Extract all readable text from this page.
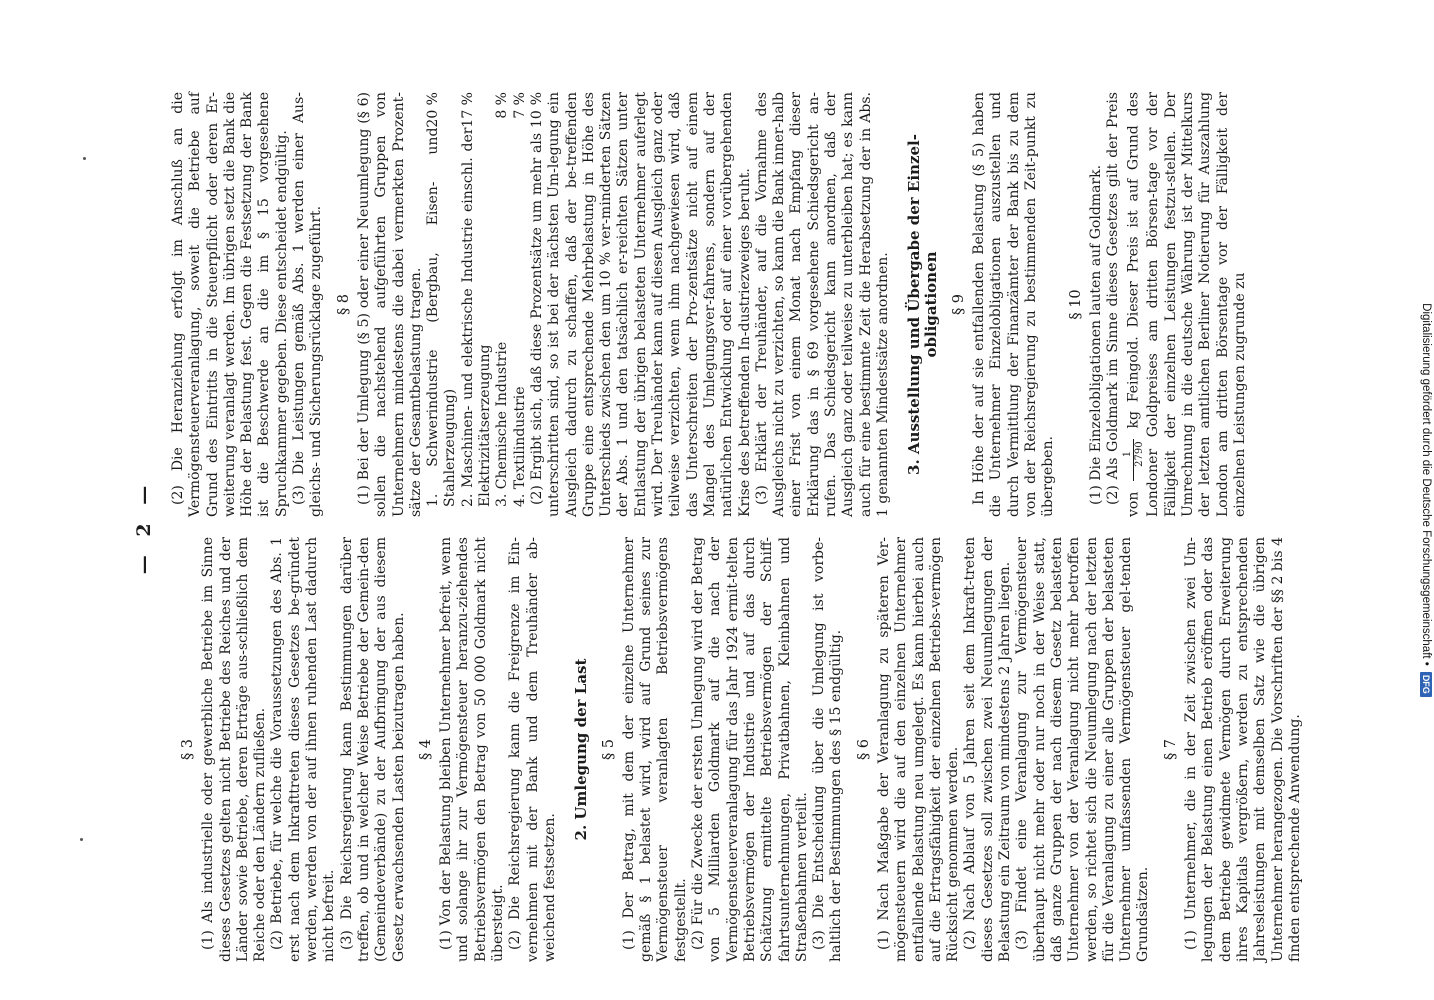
— 2 —
§ 3 (1) Als industrielle oder gewerbliche Betriebe im Sinne dieses Gesetzes gelten nicht Betriebe des Reiches und der Länder sowie Betriebe, deren Erträge aus-schließlich dem Reiche oder den Ländern zufließen. (2) Betriebe, für welche die Voraussetzungen des Abs. 1 erst nach dem Inkrafttreten dieses Gesetzes be-gründet werden, werden von der auf ihnen ruhenden Last dadurch nicht befreit. (3) Die Reichsregierung kann Bestimmungen darüber treffen, ob und in welcher Weise Betriebe der Gemein-den (Gemeindeverbände) zu der Aufbringung der aus diesem Gesetz erwachsenden Lasten beizutragen haben. § 4 (1) Von der Belastung bleiben Unternehmer befreit, wenn und solange ihr zur Vermögensteuer heranzu-ziehendes Betriebsvermögen den Betrag von 50 000 Goldmark nicht übersteigt. (2) Die Reichsregierung kann die Freigrenze im Ein-vernehmen mit der Bank und dem Treuhänder ab-weichend festsetzen.

2. Umlegung der Last § 5 (1) Der Betrag, mit dem der einzelne Unternehmer gemäß § 1 belastet wird, wird auf Grund seines zur Vermögensteuer veranlagten Betriebsvermögens festgestellt. (2) Für die Zwecke der ersten Umlegung wird der Betrag von 5 Milliarden Goldmark auf die nach der Vermögensteuerveranlagung für das Jahr 1924 ermit-telten Betriebsvermögen der Industrie und auf das durch Schätzung ermittelte Betriebsvermögen der Schiff-fahrtsunternehmungen, Privatbahnen, Kleinbahnen und Straßenbahnen verteilt. (3) Die Entscheidung über die Umlegung ist vorbe-haltlich der Bestimmungen des § 15 endgültig. § 6 (1) Nach Maßgabe der Veranlagung zu späteren Ver-mögensteuern wird die auf den einzelnen Unternehmer entfallende Belastung neu umgelegt. Es kann hierbei auch auf die Ertragsfähigkeit der einzelnen Betriebs-vermögen Rücksicht genommen werden. (2) Nach Ablauf von 5 Jahren seit dem Inkraft-treten dieses Gesetzes soll zwischen zwei Neuumlegungen der Belastung ein Zeitraum von mindestens 2 Jahren liegen. (3) Findet eine Veranlagung zur Vermögensteuer überhaupt nicht mehr oder nur noch in der Weise statt, daß ganze Gruppen der nach diesem Gesetz belasteten Unternehmer von der Veranlagung nicht mehr betroffen werden, so richtet sich die Neuumlegung nach der letzten für die Veranlagung zu einer alle Gruppen der belasteten Unternehmer umfassenden Vermögensteuer gel-tenden Grundsätzen.

§ 7 (1) Unternehmer, die in der Zeit zwischen zwei Um-legungen der Belastung einen Betrieb eröffnen oder das dem Betriebe gewidmete Vermögen durch Erweiterung ihres Kapitals vergrößern, werden zu entsprechenden Jahresleistungen mit demselben Satz wie die übrigen Unternehmer herangezogen. Die Vorschriften der §§ 2 bis 4 finden entsprechende Anwendung.

(2) Die Heranziehung erfolgt im Anschluß an die Vermögensteuerveranlagung, soweit die Betriebe auf Grund des Eintritts in die Steuerpflicht oder deren Er-weiterung veranlagt werden. Im übrigen setzt die Bank die Höhe der Belastung fest. Gegen die Festsetzung der Bank ist die Beschwerde an die im § 15 vorgesehene Spruchkammer gegeben. Diese entscheidet endgültig. (3) Die Leistungen gemäß Abs. 1 werden einer Aus-gleichs- und Sicherungsrücklage zugeführt. § 8 (1) Bei der Umlegung (§ 5) oder einer Neuumlegung (§ 6) sollen die nachstehend aufgeführten Gruppen von Unternehmern mindestens die dabei vermerkten Prozent-sätze der Gesamtbelastung tragen. 1. Schwerindustrie (Bergbau, Eisen- und Stahlerzeugung)
20 %
2. Maschinen- und elektrische Industrie einschl. der Elektrizitätserzeugung
17 %
3. Chemische Industrie
8 %
4. Textilindustrie
7 % (2) Ergibt sich, daß diese Prozentsätze um mehr als 10 % unterschritten sind, so ist bei der nächsten Um-legung ein Ausgleich dadurch zu schaffen, daß der be-treffenden Gruppe eine entsprechende Mehrbelastung in Höhe des Unterschieds zwischen den um 10 % ver-minderten Sätzen der Abs. 1 und den tatsächlich er-reichten Sätzen unter Entlastung der übrigen belasteten Unternehmer auferlegt wird. Der Treuhänder kann auf diesen Ausgleich ganz oder teilweise verzichten, wenn ihm nachgewiesen wird, daß das Unterschreiten der Pro-zentsätze nicht auf einem Mangel des Umlegungsver-fahrens, sondern auf der natürlichen Entwicklung oder auf einer vorübergehenden Krise des betreffenden In-dustriezweiges beruht. (3) Erklärt der Treuhänder, auf die Vornahme des Ausgleichs nicht zu verzichten, so kann die Bank inner-halb einer Frist von einem Monat nach Empfang dieser Erklärung das in § 69 vorgesehene Schiedsgericht an-rufen. Das Schiedsgericht kann anordnen, daß der Ausgleich ganz oder teilweise zu unterbleiben hat; es kann auch für eine bestimmte Zeit die Herabsetzung der in Abs. 1 genannten Mindestsätze anordnen. 3. Ausstellung und Übergabe der Einzel-obligationen § 9 In Höhe der auf sie entfallenden Belastung (§ 5) haben die Unternehmer Einzelobligationen auszustellen und durch Vermittlung der Finanzämter der Bank bis zu dem von der Reichsregierung zu bestimmenden Zeit-punkt zu übergeben.

§ 10 (1) Die Einzelobligationen lauten auf Goldmark. (2) Als Goldmark im Sinne dieses Gesetzes gilt der Preis von
1 2790
kg Feingold. Dieser Preis ist auf Grund des Londoner Goldpreises am dritten Börsen-tage vor der Fälligkeit der einzelnen Leistungen festzu-stellen. Der Umrechnung in die deutsche Währung ist der Mittelkurs der letzten amtlichen Berliner Notierung für Auszahlung London am dritten Börsentage vor der Fälligkeit der einzelnen Leistungen zugrunde zu	Digitalisierung gefördert durch die Deutsche Forschungsgemeinschaft •DFG
